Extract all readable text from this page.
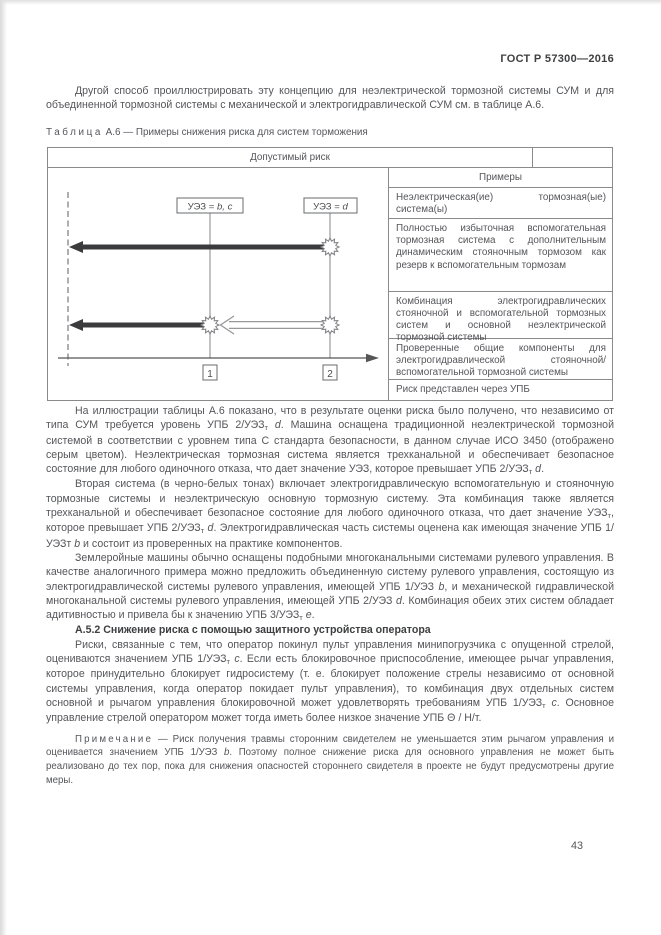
ГОСТ Р 57300—2016

Другой способ проиллюстрировать эту концепцию для неэлектрической тормозной системы СУМ и для объединенной тормозной системы с механической и электрогидравлической СУМ см. в таблице А.6.

Таблица А.6 — Примеры снижения риска для систем торможения
Допустимый риск
УЭЗ = b, c	УЭЗ = d
1	2
Примеры
Неэлектрическая(ие) тормозная(ые) система(ы)
Полностью избыточная вспомогательная тормозная система с дополнительным динамическим стояночным тормозом как резерв к вспомогательным тормозам
Комбинация электрогидравлических стояночной и вспомогательной тормозных систем и основной неэлектрической тормозной системы
Проверенные общие компоненты для электрогидравлической стояночной/ вспомогательной тормозной системы
Риск представлен через УПБ

На иллюстрации таблицы А.6 показано, что в результате оценки риска было получено, что независимо от типа СУМ требуется уровень УПБ 2/УЭЗт d. Машина оснащена традиционной неэлектрической тормозной системой в соответствии с уровнем типа С стандарта безопасности, в данном случае ИСО 3450 (отображено серым цветом). Неэлектрическая тормозная система является трехканальной и обеспечивает безопасное состояние для любого одиночного отказа, что дает значение УЭЗ, которое превышает УПБ 2/УЭЗт d.

Вторая система (в черно-белых тонах) включает электрогидравлическую вспомогательную и стояночную тормозные системы и неэлектрическую основную тормозную систему. Эта комбинация также является трехканальной и обеспечивает безопасное состояние для любого одиночного отказа, что дает значение УЭЗт, которое превышает УПБ 2/УЭЗт d. Электрогидравлическая часть системы оценена как имеющая значение УПБ 1/УЭЗт b и состоит из проверенных на практике компонентов.

Землеройные машины обычно оснащены подобными многоканальными системами рулевого управления. В качестве аналогичного примера можно предложить объединенную систему рулевого управления, состоящую из электрогидравлической системы рулевого управления, имеющей УПБ 1/УЭЗ b, и механической гидравлической многоканальной системы рулевого управления, имеющей УПБ 2/УЭЗ d. Комбинация обеих этих систем обладает адитивностью и привела бы к значению УПБ 3/УЭЗт e.

А.5.2 Снижение риска с помощью защитного устройства оператора

Риски, связанные с тем, что оператор покинул пульт управления минипогрузчика с опущенной стрелой, оцениваются значением УПБ 1/УЭЗт c. Если есть блокировочное приспособление, имеющее рычаг управления, которое принудительно блокирует гидросистему (т. е. блокирует положение стрелы независимо от основной системы управления, когда оператор покидает пульт управления), то комбинация двух отдельных систем основной и рычагом управления блокировочной может удовлетворять требованиям УПБ 1/УЭЗт c. Основное управление стрелой оператором может тогда иметь более низкое значение УПБ Θ / Н/т.

Примечание — Риск получения травмы сторонним свидетелем не уменьшается этим рычагом управления и оценивается значением УПБ 1/УЭЗ b. Поэтому полное снижение риска для основного управления не может быть реализовано до тех пор, пока для снижения опасностей стороннего свидетеля в проекте не будут предусмотрены другие меры.

43
